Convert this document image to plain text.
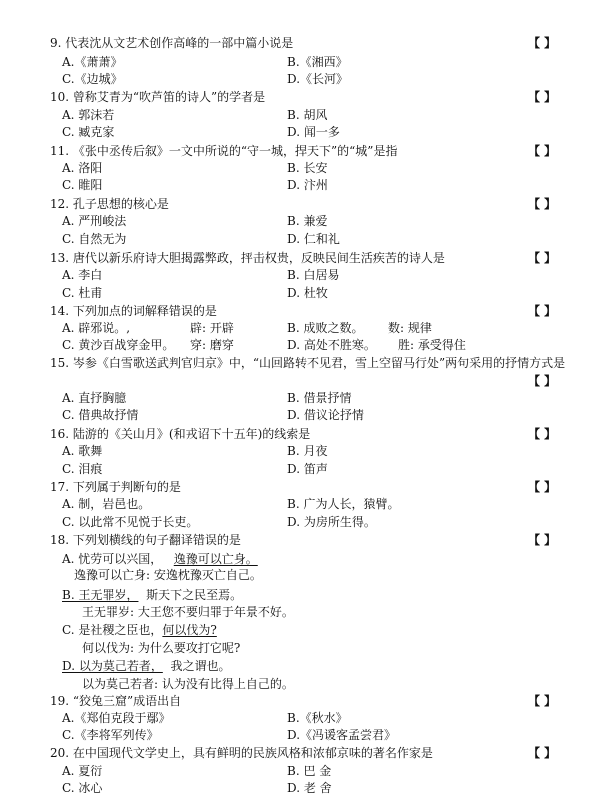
9. 代表沈从文艺术创作高峰的一部中篇小说是	【 】
A.《萧萧》	B.《湘西》
C.《边城》	D.《长河》
10. 曾称艾青为“吹芦笛的诗人”的学者是	【 】
A. 郭沫若	B. 胡风
C. 臧克家	D. 闻一多
11. 《张中丞传后叙》一文中所说的“守一城，捍天下”的“城”是指	【 】
A. 洛阳	B. 长安
C. 睢阳	D. 汴州
12. 孔子思想的核心是	【 】
A. 严刑峻法	B. 兼爱
C. 自然无为	D. 仁和礼
13. 唐代以新乐府诗大胆揭露弊政，抨击权贵，反映民间生活疾苦的诗人是	【 】
A. 李白	B. 白居易
C. 杜甫	D. 杜牧
14. 下列加点的词解释错误的是	【 】
A. 辟邪说。,	辟: 开辟	B. 成败之数。 数: 规律
C. 黄沙百战穿金甲。 穿: 磨穿	D. 高处不胜寒。 胜: 承受得住
15. 岑参《白雪歌送武判官归京》中，“山回路转不见君，雪上空留马行处”两句采用的抒情方式是
【 】
A. 直抒胸臆	B. 借景抒情
C. 借典故抒情	D. 借议论抒情
16. 陆游的《关山月》(和戎诏下十五年)的线索是	【 】
A. 歌舞	B. 月夜
C. 泪痕	D. 笛声
17. 下列属于判断句的是	【 】
A. 制，岩邑也。	B. 广为人长，猿臂。
C. 以此常不见悦于长吏。	D. 为房所生得。
18. 下列划横线的句子翻译错误的是	【 】
A. 忧劳可以兴国， 逸豫可以亡身。
逸豫可以亡身: 安逸枕豫灭亡自己。
B. 王无罪岁， 斯天下之民至焉。
王无罪岁: 大王您不要归罪于年景不好。
C. 是社稷之臣也，何以伐为?
何以伐为: 为什么要攻打它呢?
D. 以为莫己若者， 我之谓也。
以为莫己若者: 认为没有比得上自己的。
19. “狡兔三窟”成语出自	【 】
A.《郑伯克段于鄢》	B.《秋水》
C.《李将军列传》	D.《冯谖客孟尝君》
20. 在中国现代文学史上，具有鲜明的民族风格和浓郁京味的著名作家是	【 】
A. 夏衍	B. 巴 金
C. 冰心	D. 老 舍
